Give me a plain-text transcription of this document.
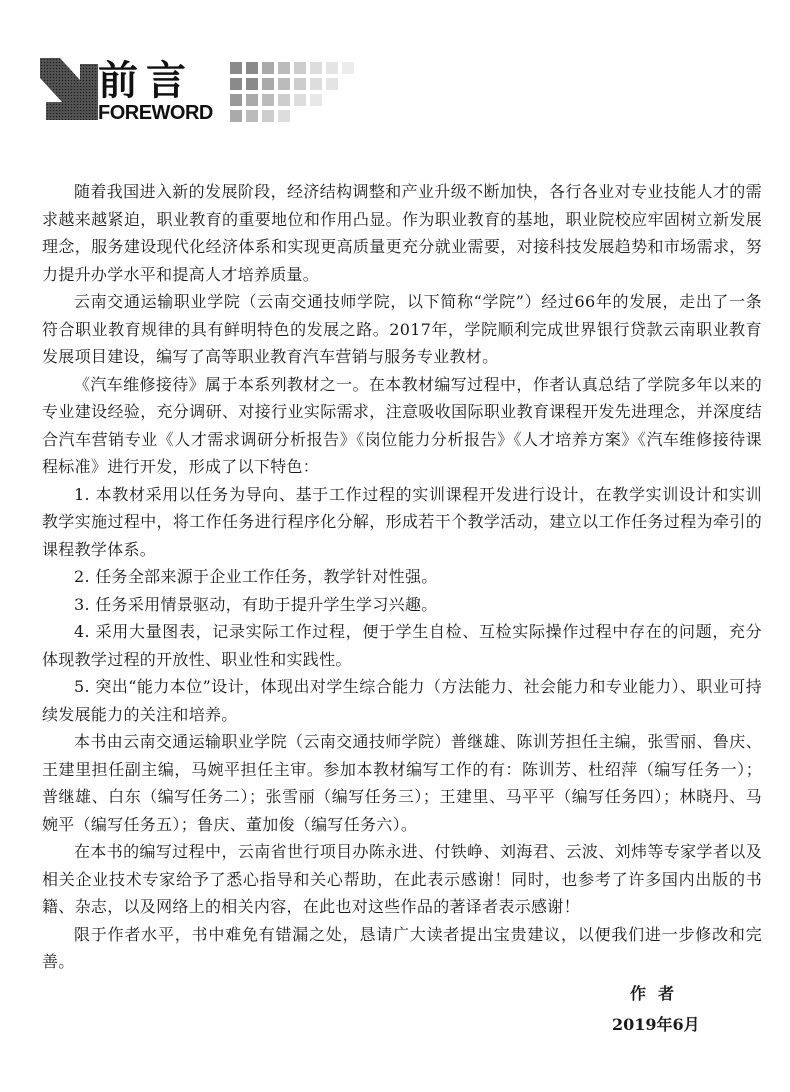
前言
FOREWORD

随着我国进入新的发展阶段，经济结构调整和产业升级不断加快，各行各业对专业技能人才的需求越来越紧迫，职业教育的重要地位和作用凸显。作为职业教育的基地，职业院校应牢固树立新发展理念，服务建设现代化经济体系和实现更高质量更充分就业需要，对接科技发展趋势和市场需求，努力提升办学水平和提高人才培养质量。

云南交通运输职业学院（云南交通技师学院，以下简称“学院”）经过66年的发展，走出了一条符合职业教育规律的具有鲜明特色的发展之路。2017年，学院顺利完成世界银行贷款云南职业教育发展项目建设，编写了高等职业教育汽车营销与服务专业教材。

《汽车维修接待》属于本系列教材之一。在本教材编写过程中，作者认真总结了学院多年以来的专业建设经验，充分调研、对接行业实际需求，注意吸收国际职业教育课程开发先进理念，并深度结合汽车营销专业《人才需求调研分析报告》《岗位能力分析报告》《人才培养方案》《汽车维修接待课程标准》进行开发，形成了以下特色：

1. 本教材采用以任务为导向、基于工作过程的实训课程开发进行设计，在教学实训设计和实训教学实施过程中，将工作任务进行程序化分解，形成若干个教学活动，建立以工作任务过程为牵引的课程教学体系。

2. 任务全部来源于企业工作任务，教学针对性强。

3. 任务采用情景驱动，有助于提升学生学习兴趣。

4. 采用大量图表，记录实际工作过程，便于学生自检、互检实际操作过程中存在的问题，充分体现教学过程的开放性、职业性和实践性。

5. 突出“能力本位”设计，体现出对学生综合能力（方法能力、社会能力和专业能力）、职业可持续发展能力的关注和培养。

本书由云南交通运输职业学院（云南交通技师学院）普继雄、陈训芳担任主编，张雪丽、鲁庆、王建里担任副主编，马婉平担任主审。参加本教材编写工作的有：陈训芳、杜绍萍（编写任务一）；普继雄、白东（编写任务二）；张雪丽（编写任务三）；王建里、马平平（编写任务四）；林晓丹、马婉平（编写任务五）；鲁庆、董加俊（编写任务六）。

在本书的编写过程中，云南省世行项目办陈永进、付铁峥、刘海君、云波、刘炜等专家学者以及相关企业技术专家给予了悉心指导和关心帮助，在此表示感谢！同时，也参考了许多国内出版的书籍、杂志，以及网络上的相关内容，在此也对这些作品的著译者表示感谢！

限于作者水平，书中难免有错漏之处，恳请广大读者提出宝贵建议，以便我们进一步修改和完善。

作者
2019年6月
